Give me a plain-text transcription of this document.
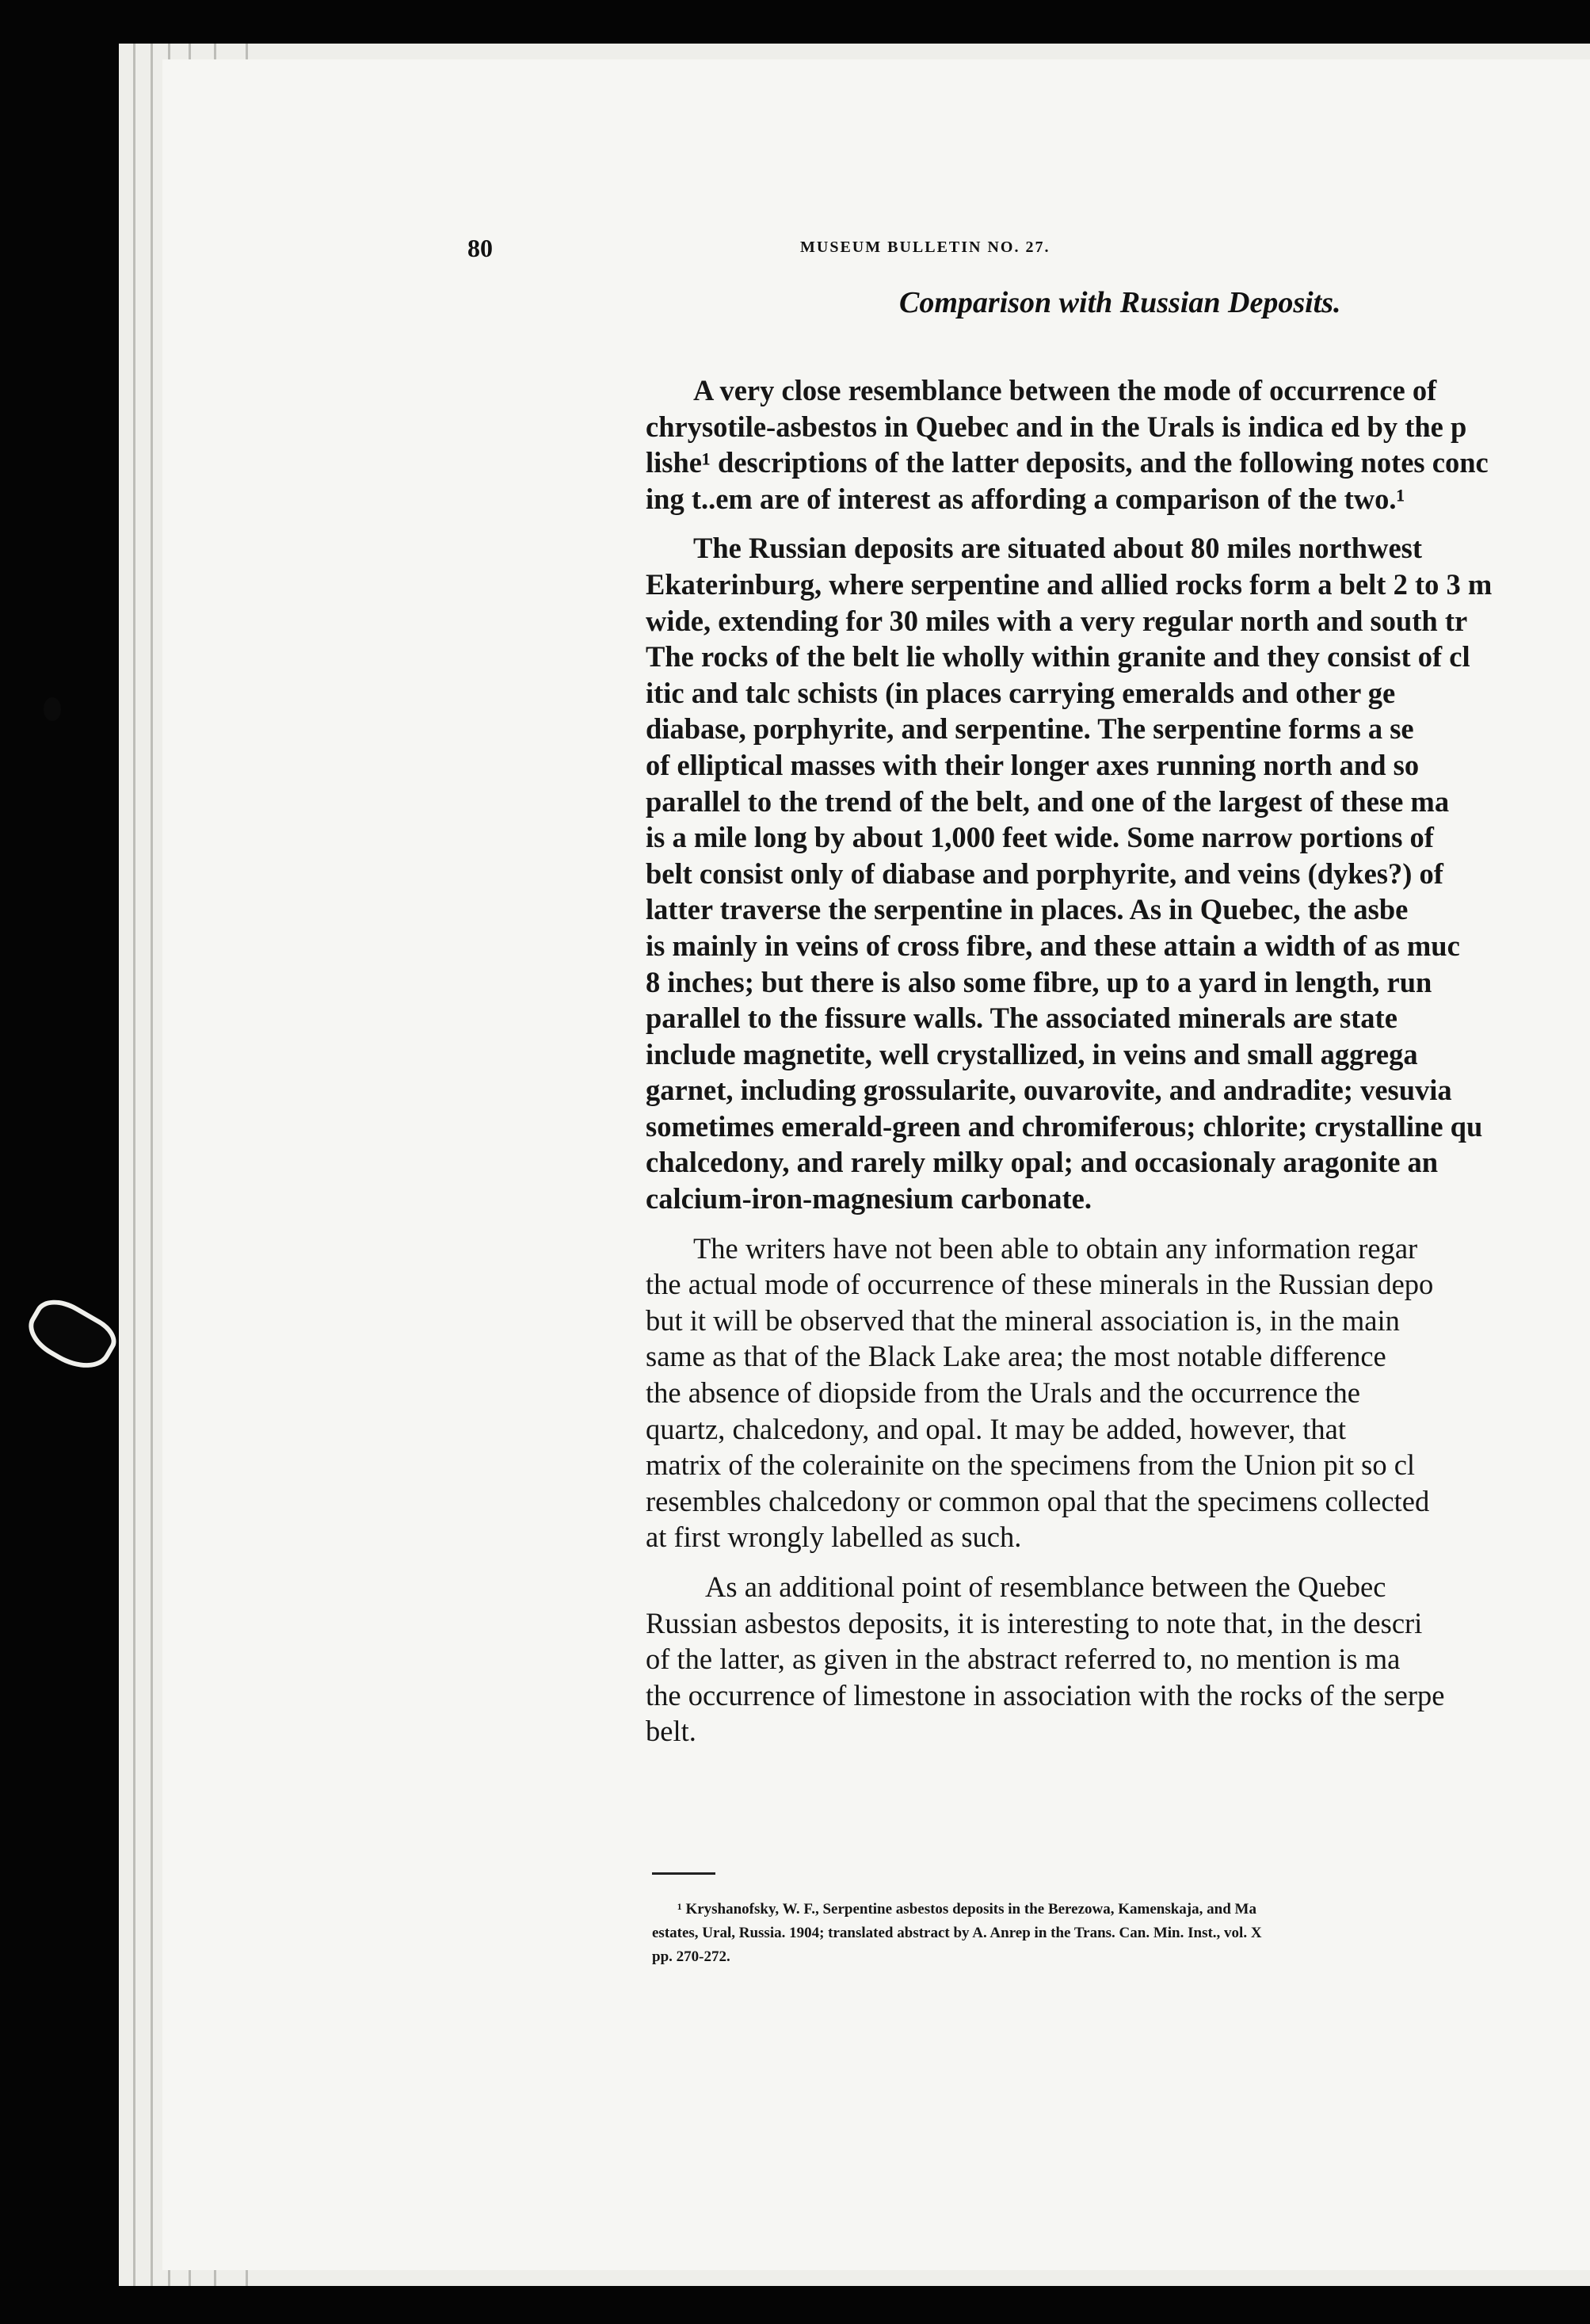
80	MUSEUM BULLETIN NO. 27.
Comparison with Russian Deposits.

A very close resemblance between the mode of occurrence of
chrysotile-asbestos in Quebec and in the Urals is indica ed by the p
lishe¹ descriptions of the latter deposits, and the following notes conc
ing t..em are of interest as affording a comparison of the two.¹

The Russian deposits are situated about 80 miles northwest
Ekaterinburg, where serpentine and allied rocks form a belt 2 to 3 m
wide, extending for 30 miles with a very regular north and south tr
The rocks of the belt lie wholly within granite and they consist of cl
itic and talc schists (in places carrying emeralds and other ge
diabase, porphyrite, and serpentine. The serpentine forms a se
of elliptical masses with their longer axes running north and so
parallel to the trend of the belt, and one of the largest of these ma
is a mile long by about 1,000 feet wide. Some narrow portions of
belt consist only of diabase and porphyrite, and veins (dykes?) of
latter traverse the serpentine in places. As in Quebec, the asbe
is mainly in veins of cross fibre, and these attain a width of as muc
8 inches; but there is also some fibre, up to a yard in length, run
parallel to the fissure walls. The associated minerals are state
include magnetite, well crystallized, in veins and small aggrega
garnet, including grossularite, ouvarovite, and andradite; vesuvia
sometimes emerald-green and chromiferous; chlorite; crystalline qu
chalcedony, and rarely milky opal; and occasionaly aragonite an
calcium-iron-magnesium carbonate.

The writers have not been able to obtain any information regar
the actual mode of occurrence of these minerals in the Russian depo
but it will be observed that the mineral association is, in the main
same as that of the Black Lake area; the most notable difference
the absence of diopside from the Urals and the occurrence the
quartz, chalcedony, and opal. It may be added, however, that
matrix of the colerainite on the specimens from the Union pit so cl
resembles chalcedony or common opal that the specimens collected
at first wrongly labelled as such.

As an additional point of resemblance between the Quebec
Russian asbestos deposits, it is interesting to note that, in the descri
of the latter, as given in the abstract referred to, no mention is ma
the occurrence of limestone in association with the rocks of the serpe
belt.

¹ Kryshanofsky, W. F., Serpentine asbestos deposits in the Berezowa, Kamenskaja, and Ma
estates, Ural, Russia. 1904; translated abstract by A. Anrep in the Trans. Can. Min. Inst., vol. X
pp. 270-272.
